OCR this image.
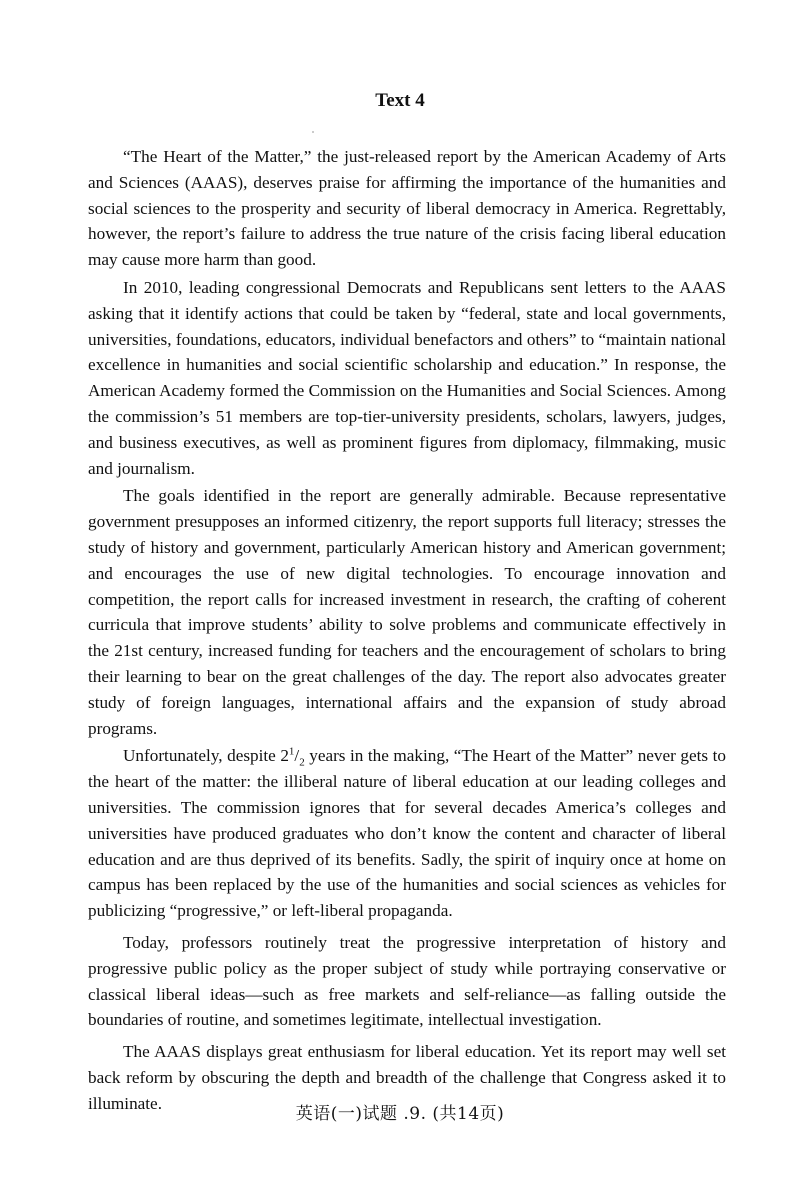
Text 4

“The Heart of the Matter,” the just-released report by the American Academy of Arts and Sciences (AAAS), deserves praise for affirming the importance of the humanities and social sciences to the prosperity and security of liberal democracy in America. Regrettably, however, the report’s failure to address the true nature of the crisis facing liberal education may cause more harm than good.

In 2010, leading congressional Democrats and Republicans sent letters to the AAAS asking that it identify actions that could be taken by “federal, state and local governments, universities, foundations, educators, individual benefactors and others” to “maintain national excellence in humanities and social scientific scholarship and education.” In response, the American Academy formed the Commission on the Humanities and Social Sciences. Among the commission’s 51 members are top-tier-university presidents, scholars, lawyers, judges, and business executives, as well as prominent figures from diplomacy, filmmaking, music and journalism.

The goals identified in the report are generally admirable. Because representative government presupposes an informed citizenry, the report supports full literacy; stresses the study of history and government, particularly American history and American government; and encourages the use of new digital technologies. To encourage innovation and competition, the report calls for increased investment in research, the crafting of coherent curricula that improve students’ ability to solve problems and communicate effectively in the 21st century, increased funding for teachers and the encouragement of scholars to bring their learning to bear on the great challenges of the day. The report also advocates greater study of foreign languages, international affairs and the expansion of study abroad programs.

Unfortunately, despite $2^1/_2$ years in the making, “The Heart of the Matter” never gets to the heart of the matter: the illiberal nature of liberal education at our leading colleges and universities. The commission ignores that for several decades America’s colleges and universities have produced graduates who don’t know the content and character of liberal education and are thus deprived of its benefits. Sadly, the spirit of inquiry once at home on campus has been replaced by the use of the humanities and social sciences as vehicles for publicizing “progressive,” or left-liberal propaganda.

Today, professors routinely treat the progressive interpretation of history and progressive public policy as the proper subject of study while portraying conservative or classical liberal ideas—such as free markets and self-reliance—as falling outside the boundaries of routine, and sometimes legitimate, intellectual investigation.

The AAAS displays great enthusiasm for liberal education. Yet its report may well set back reform by obscuring the depth and breadth of the challenge that Congress asked it to illuminate.

英语(一)试题 .9. (共14页)
